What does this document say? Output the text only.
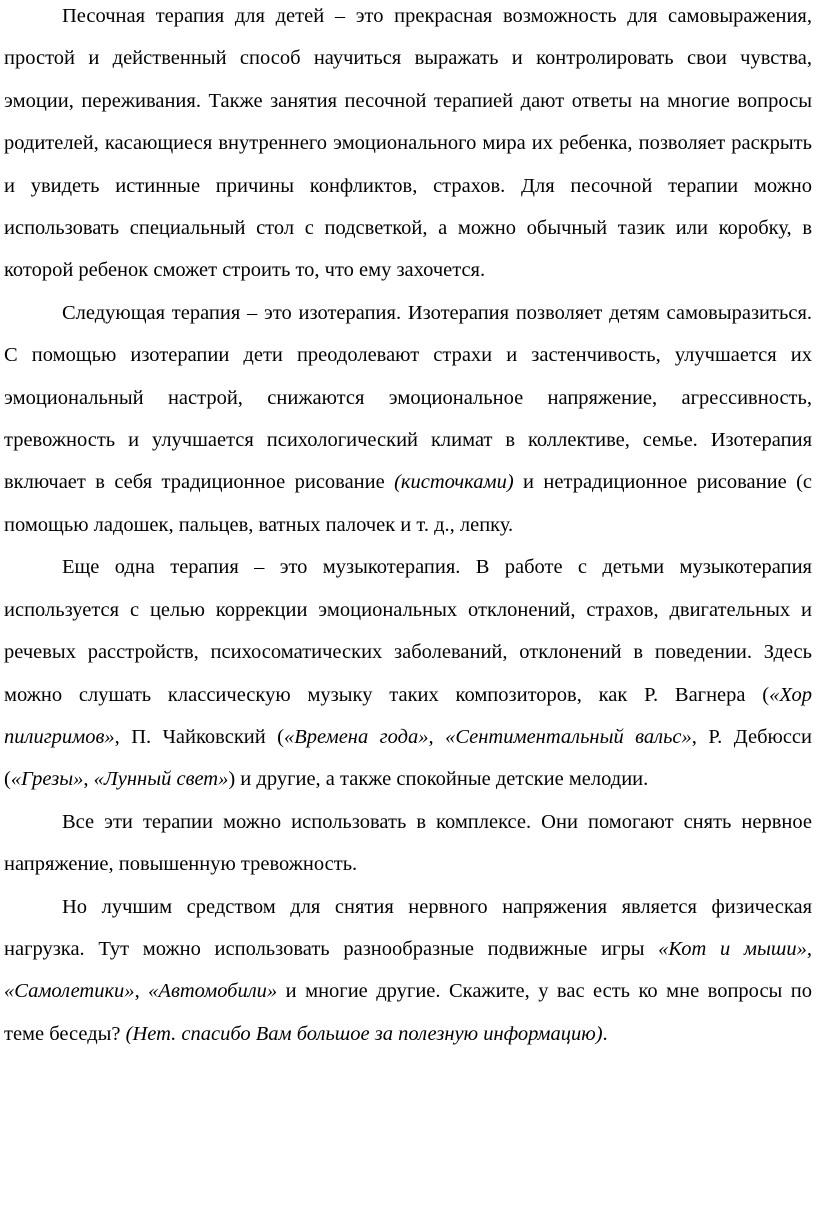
Песочная терапия для детей – это прекрасная возможность для самовыражения, простой и действенный способ научиться выражать и контролировать свои чувства, эмоции, переживания. Также занятия песочной терапией дают ответы на многие вопросы родителей, касающиеся внутреннего эмоционального мира их ребенка, позволяет раскрыть и увидеть истинные причины конфликтов, страхов. Для песочной терапии можно использовать специальный стол с подсветкой, а можно обычный тазик или коробку, в которой ребенок сможет строить то, что ему захочется.

Следующая терапия – это изотерапия. Изотерапия позволяет детям самовыразиться. С помощью изотерапии дети преодолевают страхи и застенчивость, улучшается их эмоциональный настрой, снижаются эмоциональное напряжение, агрессивность, тревожность и улучшается психологический климат в коллективе, семье. Изотерапия включает в себя традиционное рисование (кисточками) и нетрадиционное рисование (с помощью ладошек, пальцев, ватных палочек и т. д., лепку.

Еще одна терапия – это музыкотерапия. В работе с детьми музыкотерапия используется с целью коррекции эмоциональных отклонений, страхов, двигательных и речевых расстройств, психосоматических заболеваний, отклонений в поведении. Здесь можно слушать классическую музыку таких композиторов, как Р. Вагнера («Хор пилигримов», П. Чайковский («Времена года», «Сентиментальный вальс», Р. Дебюсси («Грезы», «Лунный свет») и другие, а также спокойные детские мелодии.

Все эти терапии можно использовать в комплексе. Они помогают снять нервное напряжение, повышенную тревожность.

Но лучшим средством для снятия нервного напряжения является физическая нагрузка. Тут можно использовать разнообразные подвижные игры «Кот и мыши», «Самолетики», «Автомобили» и многие другие. Скажите, у вас есть ко мне вопросы по теме беседы? (Нет. спасибо Вам большое за полезную информацию).
